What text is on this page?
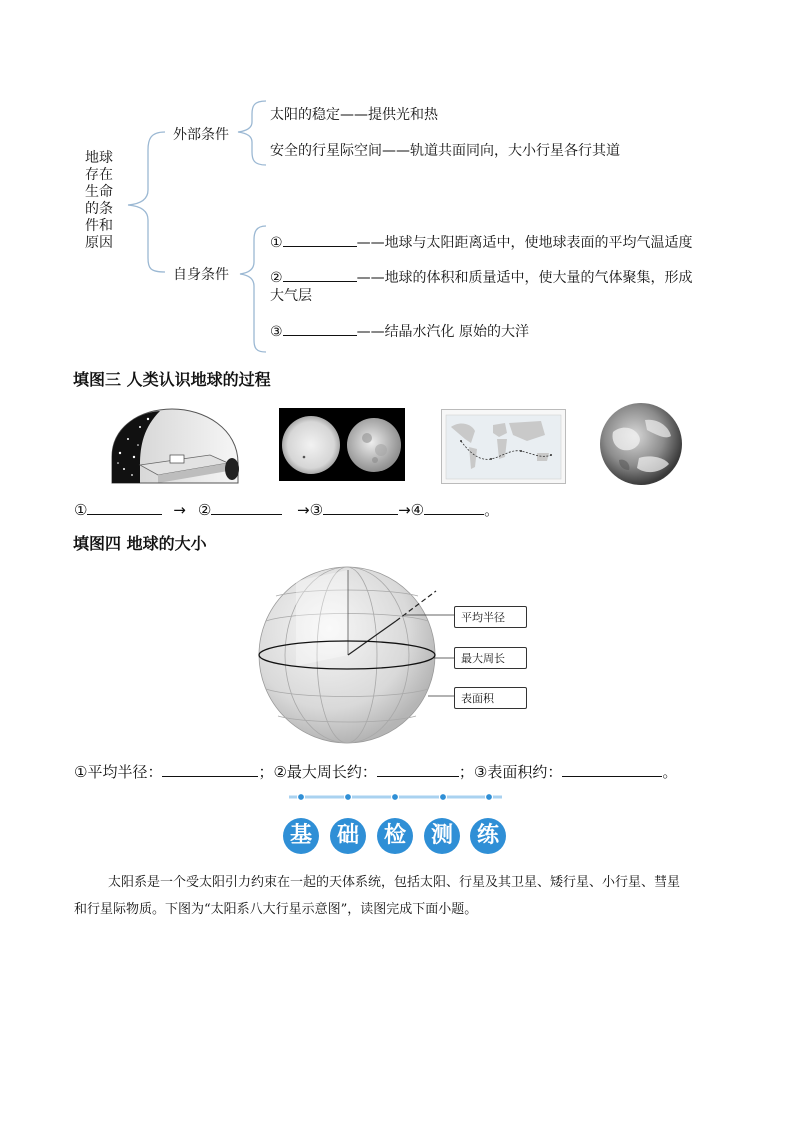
地球
存在
生命
的条
件和
原因
外部条件
太阳的稳定——提供光和热
安全的行星际空间——轨道共面同向，大小行星各行其道
自身条件
①	——地球与太阳距离适中，使地球表面的平均气温适度
②	——地球的体积和质量适中，使大量的气体聚集，形成
大气层
③	——结晶水汽化 原始的大洋
填图三 人类认识地球的过程
①	→ ②	→③	→④	。
填图四 地球的大小
平均半径
最大周长
表面积
①平均半径：	；②最大周长约：	；③表面积约：	。
基	础	检	测	练
太阳系是一个受太阳引力约束在一起的天体系统，包括太阳、行星及其卫星、矮行星、小行星、彗星
和行星际物质。下图为“太阳系八大行星示意图”，读图完成下面小题。
